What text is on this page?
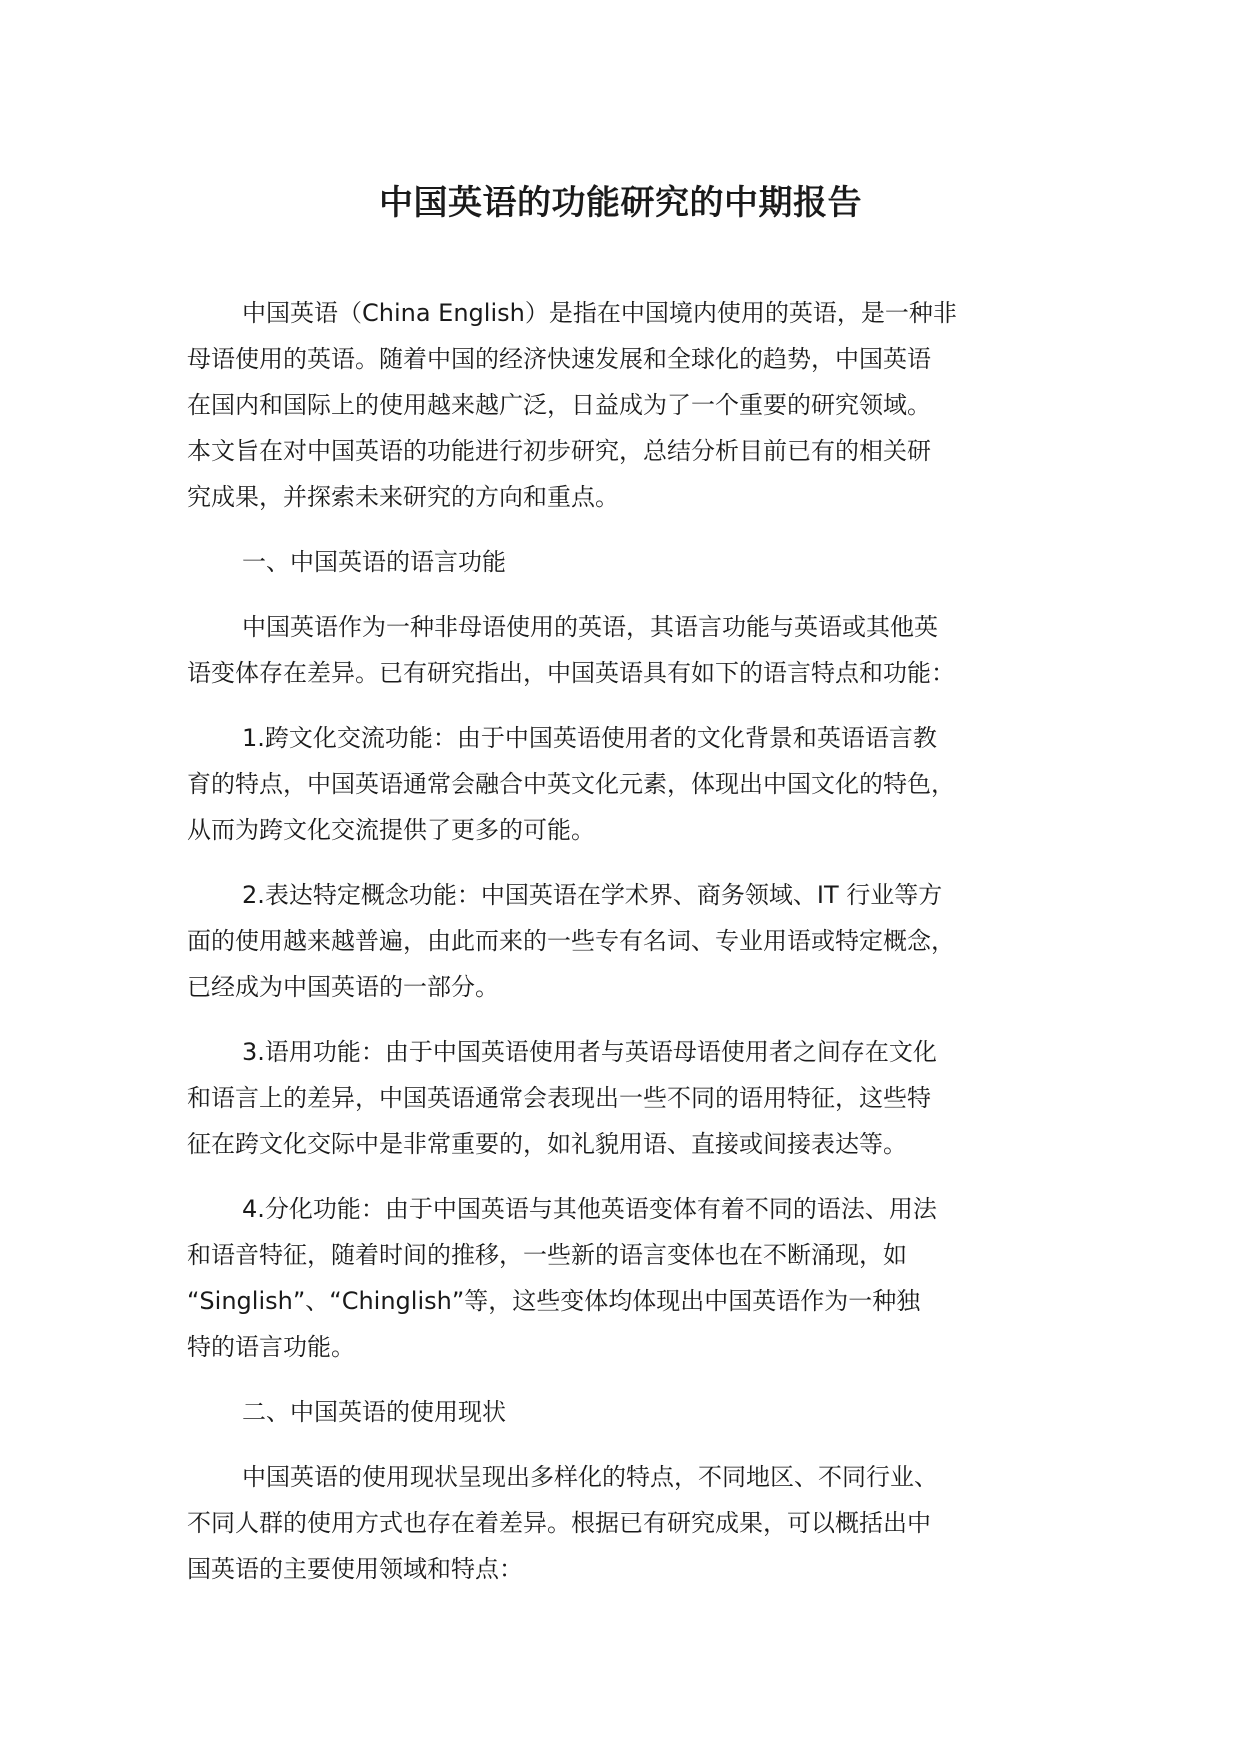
中国英语的功能研究的中期报告
中国英语（China English）是指在中国境内使用的英语，是一种非
母语使用的英语。随着中国的经济快速发展和全球化的趋势，中国英语
在国内和国际上的使用越来越广泛，日益成为了一个重要的研究领域。
本文旨在对中国英语的功能进行初步研究，总结分析目前已有的相关研
究成果，并探索未来研究的方向和重点。
一、中国英语的语言功能
中国英语作为一种非母语使用的英语，其语言功能与英语或其他英
语变体存在差异。已有研究指出，中国英语具有如下的语言特点和功能：
1.跨文化交流功能：由于中国英语使用者的文化背景和英语语言教
育的特点，中国英语通常会融合中英文化元素，体现出中国文化的特色，
从而为跨文化交流提供了更多的可能。
2.表达特定概念功能：中国英语在学术界、商务领域、IT 行业等方
面的使用越来越普遍，由此而来的一些专有名词、专业用语或特定概念，
已经成为中国英语的一部分。
3.语用功能：由于中国英语使用者与英语母语使用者之间存在文化
和语言上的差异，中国英语通常会表现出一些不同的语用特征，这些特
征在跨文化交际中是非常重要的，如礼貌用语、直接或间接表达等。
4.分化功能：由于中国英语与其他英语变体有着不同的语法、用法
和语音特征，随着时间的推移，一些新的语言变体也在不断涌现，如
“Singlish”、“Chinglish”等，这些变体均体现出中国英语作为一种独
特的语言功能。
二、中国英语的使用现状
中国英语的使用现状呈现出多样化的特点，不同地区、不同行业、
不同人群的使用方式也存在着差异。根据已有研究成果，可以概括出中
国英语的主要使用领域和特点：
